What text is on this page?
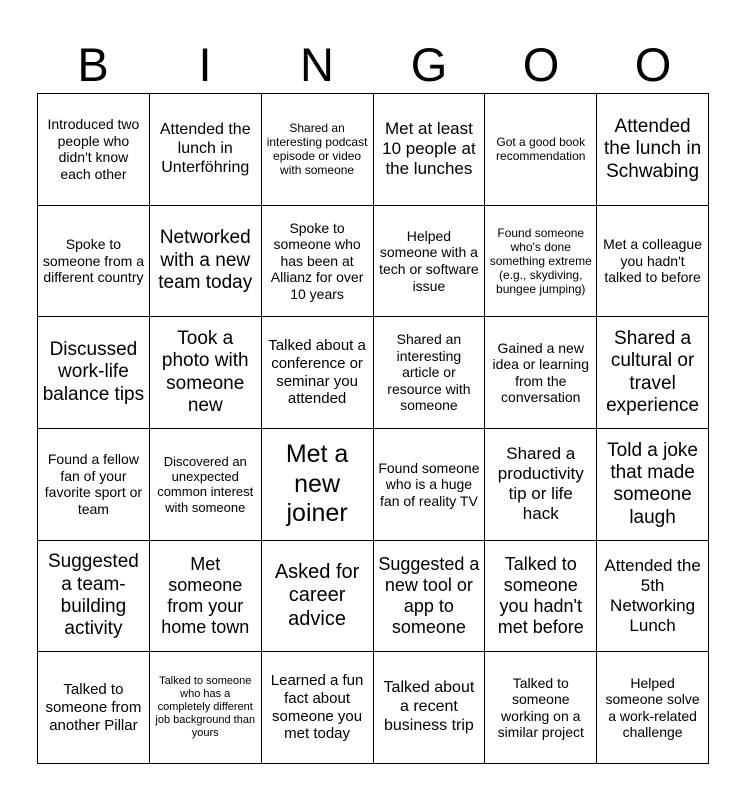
B	I	N	G	O	O
Introduced two people who didn't know each other
Attended the lunch in Unterföhring
Shared an interesting podcast episode or video with someone
Met at least 10 people at the lunches
Got a good book recommendation
Attended the lunch in Schwabing
Spoke to someone from a different country
Networked with a new team today
Spoke to someone who has been at Allianz for over 10 years
Helped someone with a tech or software issue
Found someone who's done something extreme (e.g., skydiving, bungee jumping)
Met a colleague you hadn't talked to before
Discussed work-life balance tips
Took a photo with someone new
Talked about a conference or seminar you attended
Shared an interesting article or resource with someone
Gained a new idea or learning from the conversation
Shared a cultural or travel experience
Found a fellow fan of your favorite sport or team
Discovered an unexpected common interest with someone
Met a new joiner
Found someone who is a huge fan of reality TV
Shared a productivity tip or life hack
Told a joke that made someone laugh
Suggested a team-building activity
Met someone from your home town
Asked for career advice
Suggested a new tool or app to someone
Talked to someone you hadn't met before
Attended the 5th Networking Lunch
Talked to someone from another Pillar
Talked to someone who has a completely different job background than yours
Learned a fun fact about someone you met today
Talked about a recent business trip
Talked to someone working on a similar project
Helped someone solve a work-related challenge
